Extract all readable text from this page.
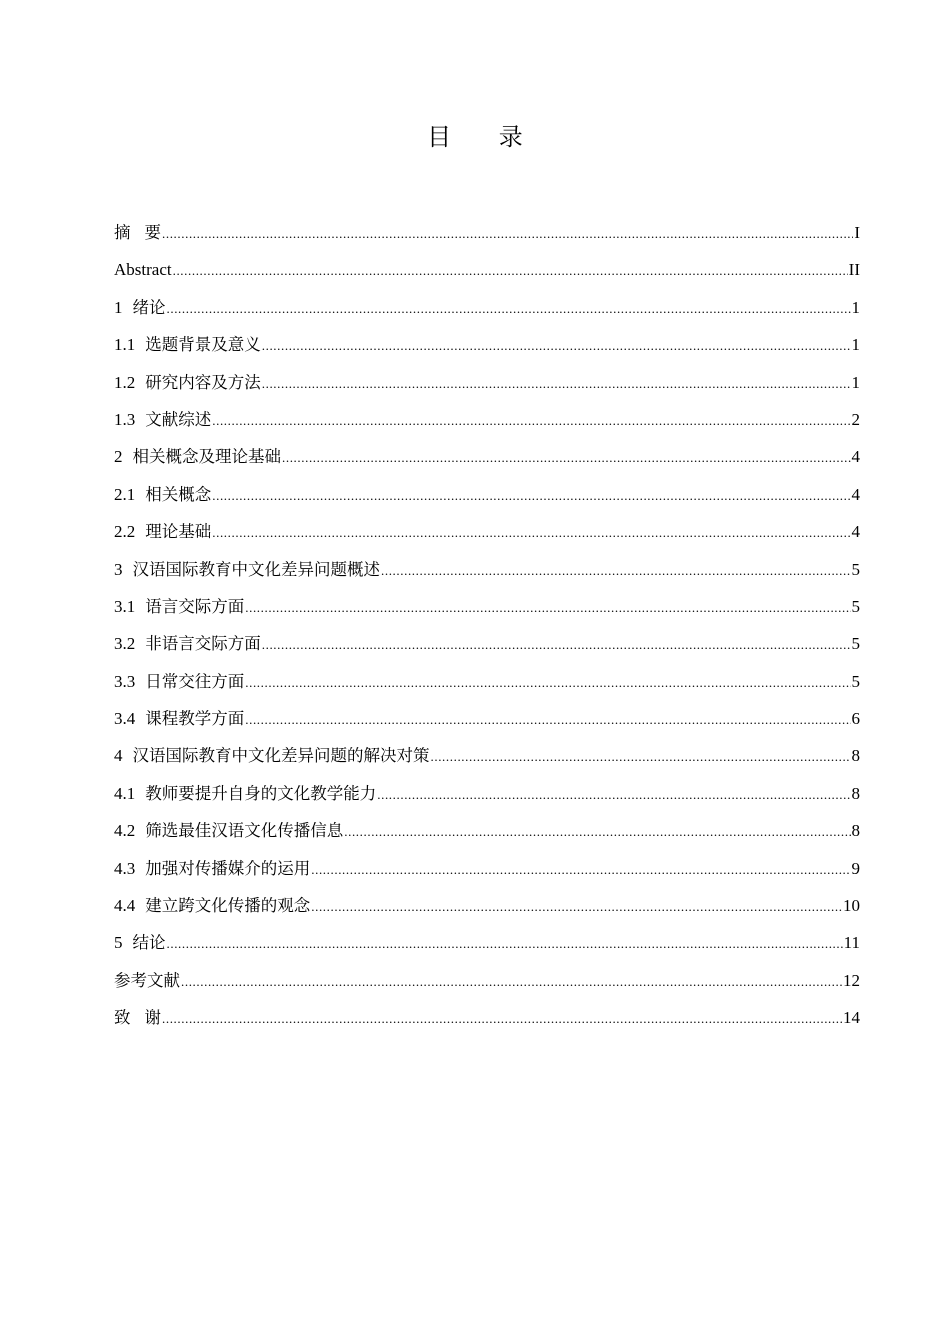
目 录
摘要 .....	I
Abstract .....	II
1 绪论 .....	1
1.1 选题背景及意义 .....	1
1.2 研究内容及方法 .....	1
1.3 文献综述 .....	2
2 相关概念及理论基础 .....	4
2.1 相关概念 .....	4
2.2 理论基础 .....	4
3 汉语国际教育中文化差异问题概述 .....	5
3.1 语言交际方面 .....	5
3.2 非语言交际方面 .....	5
3.3 日常交往方面 .....	5
3.4 课程教学方面 .....	6
4 汉语国际教育中文化差异问题的解决对策 .....	8
4.1 教师要提升自身的文化教学能力 .....	8
4.2 筛选最佳汉语文化传播信息 .....	8
4.3 加强对传播媒介的运用 .....	9
4.4 建立跨文化传播的观念 .....	10
5 结论 .....	11
参考文献 .....	12
致谢 .....	14
